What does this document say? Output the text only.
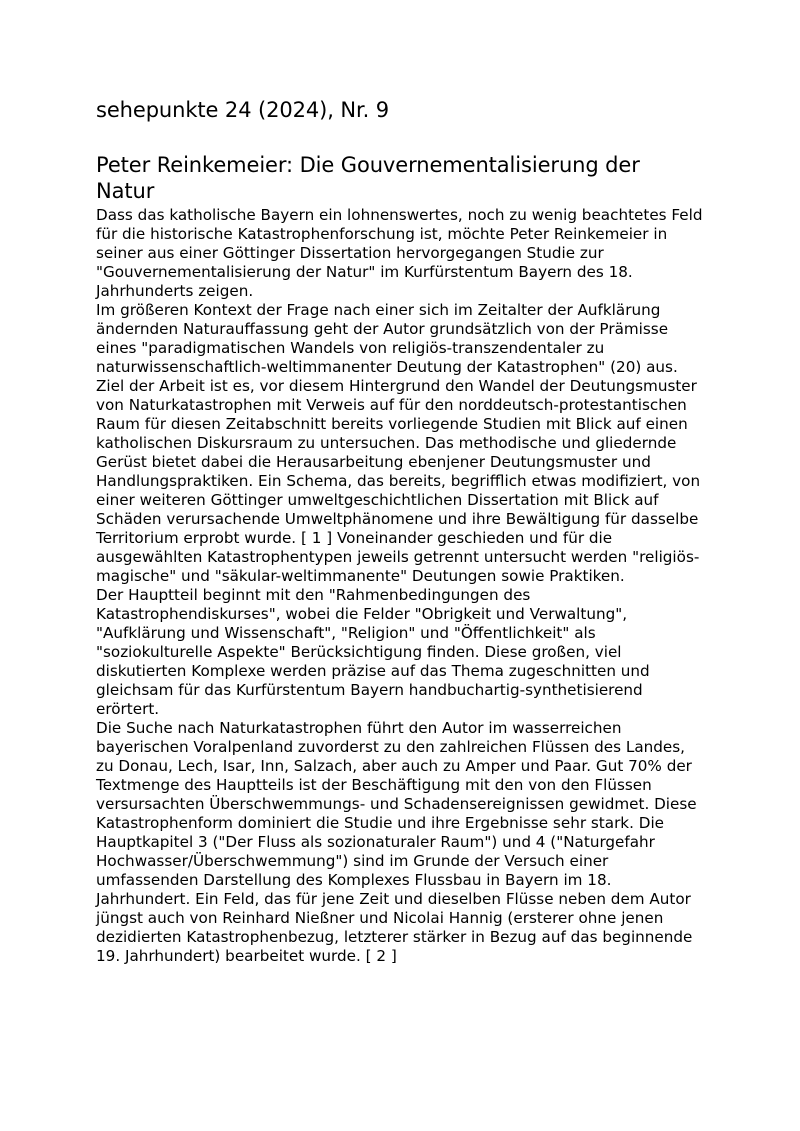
sehepunkte 24 (2024), Nr. 9
Peter Reinkemeier: Die Gouvernementalisierung der Natur

Dass das katholische Bayern ein lohnenswertes, noch zu wenig beachtetes Feld für die historische Katastrophenforschung ist, möchte Peter Reinkemeier in seiner aus einer Göttinger Dissertation hervorgegangen Studie zur "Gouvernementalisierung der Natur" im Kurfürstentum Bayern des 18. Jahrhunderts zeigen.

Im größeren Kontext der Frage nach einer sich im Zeitalter der Aufklärung ändernden Naturauffassung geht der Autor grundsätzlich von der Prämisse eines "paradigmatischen Wandels von religiös-transzendentaler zu naturwissenschaftlich-weltimmanenter Deutung der Katastrophen" (20) aus. Ziel der Arbeit ist es, vor diesem Hintergrund den Wandel der Deutungsmuster von Naturkatastrophen mit Verweis auf für den norddeutsch-protestantischen Raum für diesen Zeitabschnitt bereits vorliegende Studien mit Blick auf einen katholischen Diskursraum zu untersuchen. Das methodische und gliedernde Gerüst bietet dabei die Herausarbeitung ebenjener Deutungsmuster und Handlungspraktiken. Ein Schema, das bereits, begrifflich etwas modifiziert, von einer weiteren Göttinger umweltgeschichtlichen Dissertation mit Blick auf Schäden verursachende Umweltphänomene und ihre Bewältigung für dasselbe Territorium erprobt wurde. [ 1 ] Voneinander geschieden und für die ausgewählten Katastrophentypen jeweils getrennt untersucht werden "religiös-magische" und "säkular-weltimmanente" Deutungen sowie Praktiken.

Der Hauptteil beginnt mit den "Rahmenbedingungen des Katastrophendiskurses", wobei die Felder "Obrigkeit und Verwaltung", "Aufklärung und Wissenschaft", "Religion" und "Öffentlichkeit" als "soziokulturelle Aspekte" Berücksichtigung finden. Diese großen, viel diskutierten Komplexe werden präzise auf das Thema zugeschnitten und gleichsam für das Kurfürstentum Bayern handbuchartig-synthetisierend erörtert.

Die Suche nach Naturkatastrophen führt den Autor im wasserreichen bayerischen Voralpenland zuvorderst zu den zahlreichen Flüssen des Landes, zu Donau, Lech, Isar, Inn, Salzach, aber auch zu Amper und Paar. Gut 70% der Textmenge des Hauptteils ist der Beschäftigung mit den von den Flüssen versursachten Überschwemmungs- und Schadensereignissen gewidmet. Diese Katastrophenform dominiert die Studie und ihre Ergebnisse sehr stark. Die Hauptkapitel 3 ("Der Fluss als sozionaturaler Raum") und 4 ("Naturgefahr Hochwasser/Überschwemmung") sind im Grunde der Versuch einer umfassenden Darstellung des Komplexes Flussbau in Bayern im 18. Jahrhundert. Ein Feld, das für jene Zeit und dieselben Flüsse neben dem Autor jüngst auch von Reinhard Nießner und Nicolai Hannig (ersterer ohne jenen dezidierten Katastrophenbezug, letzterer stärker in Bezug auf das beginnende 19. Jahrhundert) bearbeitet wurde. [ 2 ]
